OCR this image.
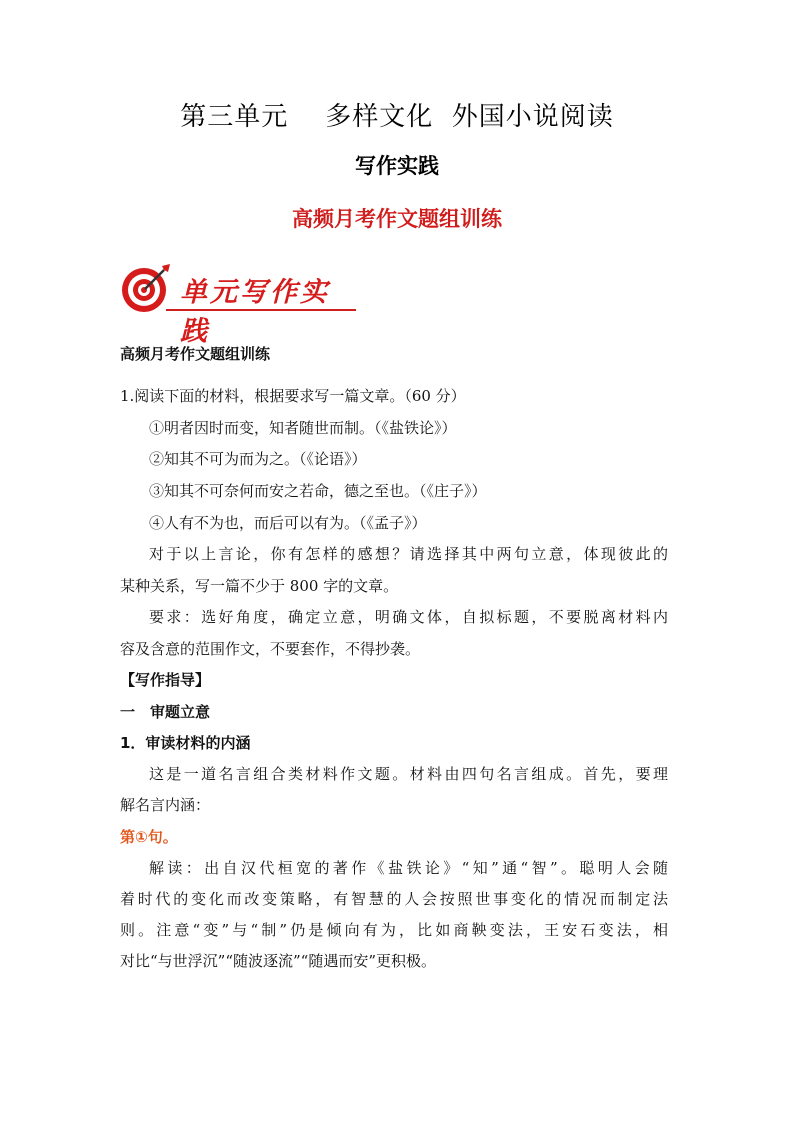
第三单元    多样文化  外国小说阅读
写作实践
高频月考作文题组训练
单元写作实践
高频月考作文题组训练
1.阅读下面的材料，根据要求写一篇文章。（60 分）
①明者因时而变，知者随世而制。（《盐铁论》）
②知其不可为而为之。（《论语》）
③知其不可奈何而安之若命，德之至也。（《庄子》）
④人有不为也，而后可以有为。（《孟子》）
对于以上言论，你有怎样的感想？请选择其中两句立意，体现彼此的
某种关系，写一篇不少于 800 字的文章。
要求：选好角度，确定立意，明确文体，自拟标题，不要脱离材料内
容及含意的范围作文，不要套作，不得抄袭。
【写作指导】
一　审题立意
1．审读材料的内涵
这是一道名言组合类材料作文题。材料由四句名言组成。首先，要理
解名言内涵：
第①句。
解读：出自汉代桓宽的著作《盐铁论》“知”通“智”。聪明人会随
着时代的变化而改变策略，有智慧的人会按照世事变化的情况而制定法
则。注意“变”与“制”仍是倾向有为，比如商鞅变法，王安石变法，相
对比“与世浮沉”“随波逐流”“随遇而安”更积极。
